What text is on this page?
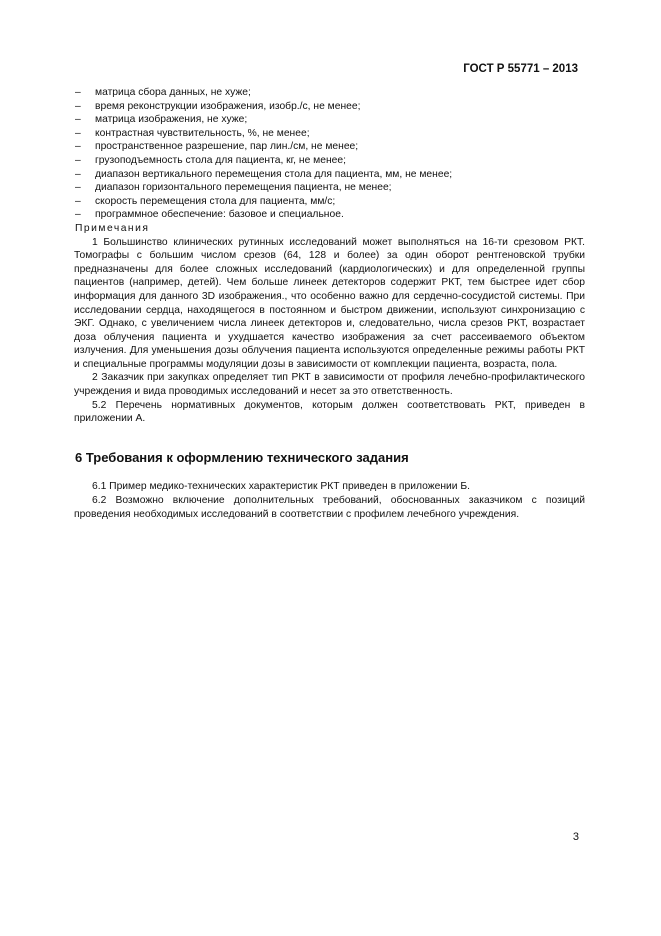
ГОСТ Р 55771 – 2013
– матрица сбора данных, не хуже;
– время реконструкции изображения, изобр./с, не менее;
– матрица изображения, не хуже;
– контрастная чувствительность, %, не менее;
– пространственное разрешение, пар лин./см, не менее;
– грузоподъемность стола для пациента, кг, не менее;
– диапазон вертикального перемещения стола для пациента, мм, не менее;
– диапазон горизонтального перемещения пациента, не менее;
– скорость перемещения стола для пациента, мм/с;
– программное обеспечение: базовое и специальное.
Примечания

1 Большинство клинических рутинных исследований может выполняться на 16-ти срезовом РКТ. Томографы с большим числом срезов (64, 128 и более) за один оборот рентгеновской трубки предназначены для более сложных исследований (кардиологических) и для определенной группы пациентов (например, детей). Чем больше линеек детекторов содержит РКТ, тем быстрее идет сбор информация для данного 3D изображения., что особенно важно для сердечно-сосудистой системы. При исследовании сердца, находящегося в постоянном и быстром движении, используют синхронизацию с ЭКГ. Однако, с увеличением числа линеек детекторов и, следовательно, числа срезов РКТ, возрастает доза облучения пациента и ухудшается качество изображения за счет рассеиваемого объектом излучения. Для уменьшения дозы облучения пациента используются определенные режимы работы РКТ и специальные программы модуляции дозы в зависимости от комплекции пациента, возраста, пола.

2 Заказчик при закупках определяет тип РКТ в зависимости от профиля лечебно-профилактического учреждения и вида проводимых исследований и несет за это ответственность.

5.2 Перечень нормативных документов, которым должен соответствовать РКТ, приведен в приложении А.

6 Требования к оформлению технического задания

6.1 Пример медико-технических характеристик РКТ приведен в приложении Б.

6.2 Возможно включение дополнительных требований, обоснованных заказчиком с позиций проведения необходимых исследований в соответствии с профилем лечебного учреждения.

3
